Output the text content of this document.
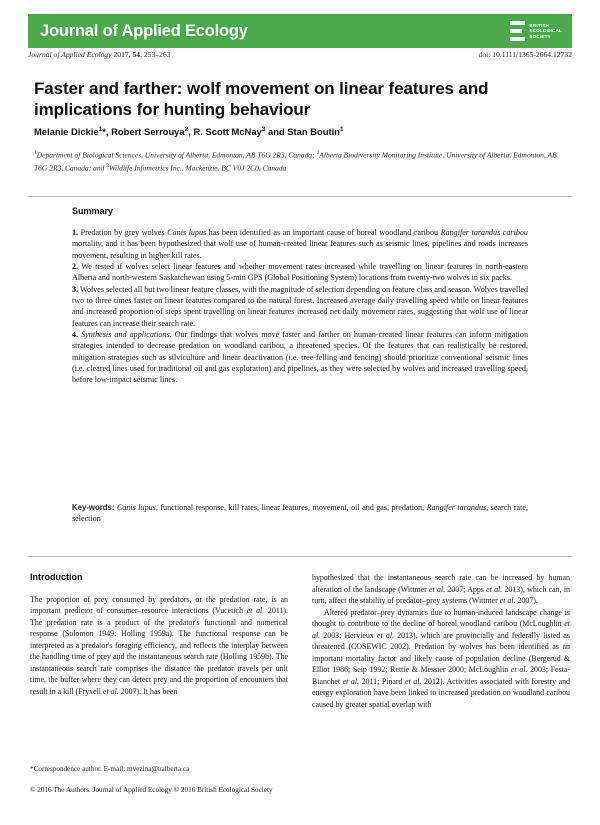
Journal of Applied Ecology	BRITISH
ECOLOGICAL
SOCIETY
Journal of Applied Ecology 2017, 54, 253–263	doi: 10.1111/1365-2664.12732
Faster and farther: wolf movement on linear features and implications for hunting behaviour
Melanie Dickie$^1$*, Robert Serrouya$^2$, R. Scott McNay$^3$ and Stan Boutin$^1$
$^1$Department of Biological Sciences, University of Alberta, Edmonton, AB T6G 2R3, Canada; $^2$Alberta Biodiversity Monitoring Institute, University of Alberta, Edmonton, AB T6G 2R3, Canada; and $^3$Wildlife Infometrics Inc., Mackenzie, BC V0J 2C0, Canada
Summary

1. Predation by grey wolves Canis lupus has been identified as an important cause of boreal woodland caribou Rangifer tarandus caribou mortality, and it has been hypothesized that wolf use of human-created linear features such as seismic lines, pipelines and roads increases movement, resulting in higher kill rates.

2. We tested if wolves select linear features and whether movement rates increased while travelling on linear features in north-eastern Alberta and north-western Saskatchewan using 5-min GPS (Global Positioning System) locations from twenty-two wolves in six packs.

3. Wolves selected all but two linear feature classes, with the magnitude of selection depending on feature class and season. Wolves travelled two to three times faster on linear features compared to the natural forest. Increased average daily travelling speed while on linear features and increased proportion of steps spent travelling on linear features increased net daily movement rates, suggesting that wolf use of linear features can increase their search rate.

4. Synthesis and applications. Our findings that wolves move faster and farther on human-created linear features can inform mitigation strategies intended to decrease predation on woodland caribou, a threatened species. Of the features that can realistically be restored, mitigation strategies such as silviculture and linear deactivation (i.e. tree-felling and fencing) should prioritize conventional seismic lines (i.e. cleared lines used for traditional oil and gas exploration) and pipelines, as they were selected by wolves and increased travelling speed, before low-impact seismic lines.

Key-words: Canis lupus, functional response, kill rates, linear features, movement, oil and gas, predation, Rangifer tarandus, search rate, selection
Introduction

The proportion of prey consumed by predators, or the predation rate, is an important predictor of consumer–resource interactions (Vucetich et al. 2011). The predation rate is a product of the predator's functional and numerical response (Solomon 1949; Holling 1959a). The functional response can be interpreted as a predator's foraging efficiency, and reflects the interplay between the handling time of prey and the instantaneous search rate (Holling 1959b). The instantaneous search rate comprises the distance the predator travels per unit time, the buffer where they can detect prey and the proportion of encounters that result in a kill (Fryxell et al. 2007). It has been

hypothesized that the instantaneous search rate can be increased by human alteration of the landscape (Wittmer et al. 2007; Apps et al. 2013), which can, in turn, affect the stability of predator–prey systems (Wittmer et al. 2007).

Altered predator–prey dynamics due to human-induced landscape change is thought to contribute to the decline of boreal woodland caribou (McLoughlin et al. 2003; Hervieux et al. 2013), which are provincially and federally listed as threatened (COSEWIC 2002). Predation by wolves has been identified as an important mortality factor and likely cause of population decline (Bergerud & Elliot 1986; Seip 1992; Rettie & Messier 2000; McLoughlin et al. 2003; Festa-Bianchet et al. 2011; Pinard et al. 2012). Activities associated with forestry and energy exploration have been linked to increased predation on woodland caribou caused by greater spatial overlap with

*Correspondence author. E-mail: mvezina@ualberta.ca
© 2016 The Authors. Journal of Applied Ecology © 2016 British Ecological Society
